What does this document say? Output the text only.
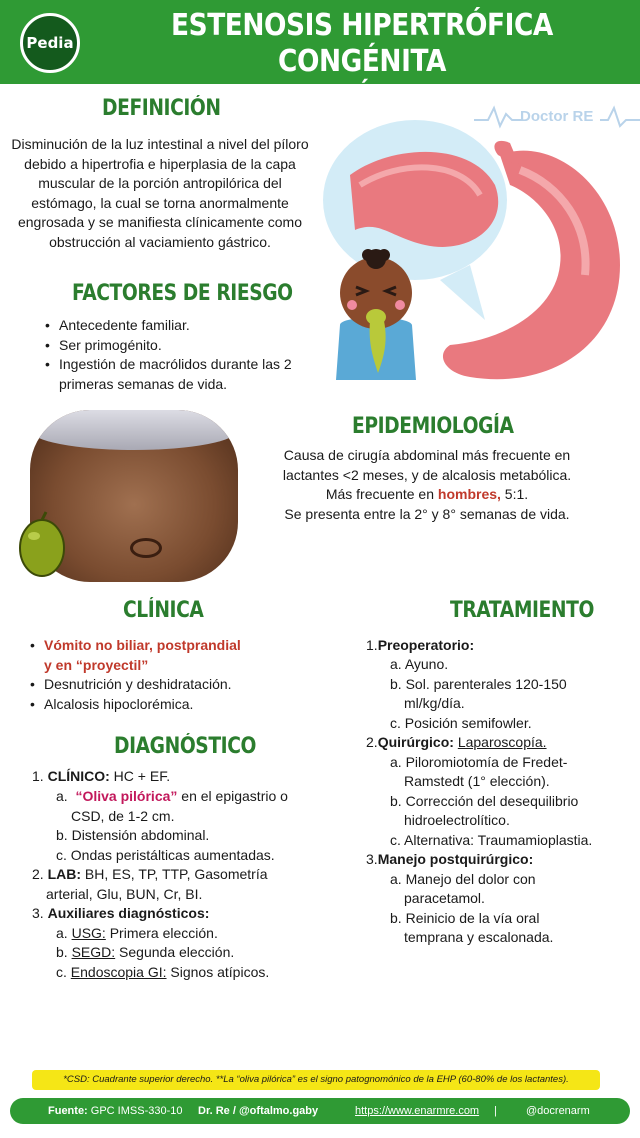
Pedia	ESTENOSIS HIPERTRÓFICA CONGÉNITA
DEL PÍLORO
Doctor RE
DEFINICIÓN
Disminución de la luz intestinal a nivel del píloro debido a hipertrofia e hiperplasia de la capa muscular de la porción antropilórica del estómago, la cual se torna anormalmente engrosada y se manifiesta clínicamente como obstrucción al vaciamiento gástrico.
FACTORES DE RIESGO
• Antecedente familiar.
• Ser primogénito.
• Ingestión de macrólidos durante las 2 primeras semanas de vida.
EPIDEMIOLOGÍA
Causa de cirugía abdominal más frecuente en lactantes <2 meses, y de alcalosis metabólica.
Más frecuente en hombres, 5:1.
Se presenta entre la 2° y 8° semanas de vida.
CLÍNICA
• Vómito no biliar, postprandial
y en “proyectil”
• Desnutrición y deshidratación.
• Alcalosis hipoclorémica.
DIAGNÓSTICO
1. CLÍNICO: HC + EF.
a. “Oliva pilórica” en el epigastrio o
CSD, de 1-2 cm.
b. Distensión abdominal.
c. Ondas peristálticas aumentadas.
2. LAB: BH, ES, TP, TTP, Gasometría
arterial, Glu, BUN, Cr, BI.
3. Auxiliares diagnósticos:
a. USG: Primera elección.
b. SEGD: Segunda elección.
c. Endoscopia GI: Signos atípicos.
TRATAMIENTO
1.Preoperatorio:
a. Ayuno.
b. Sol. parenterales 120-150
ml/kg/día.
c. Posición semifowler.
2.Quirúrgico: Laparoscopía.
a. Piloromiotomía de Fredet-
Ramstedt (1° elección).
b. Corrección del desequilibrio
hidroelectrolítico.
c. Alternativa: Traumamioplastia.
3.Manejo postquirúrgico:
a. Manejo del dolor con
paracetamol.
b. Reinicio de la vía oral
temprana y escalonada.
*CSD: Cuadrante superior derecho. **La “oliva pilórica” es el signo patognomónico de la EHP (60-80% de los lactantes).
Fuente: GPC IMSS-330-10 Dr. Re / @oftalmo.gaby	https://www.enarmre.com |	@docrenarm
